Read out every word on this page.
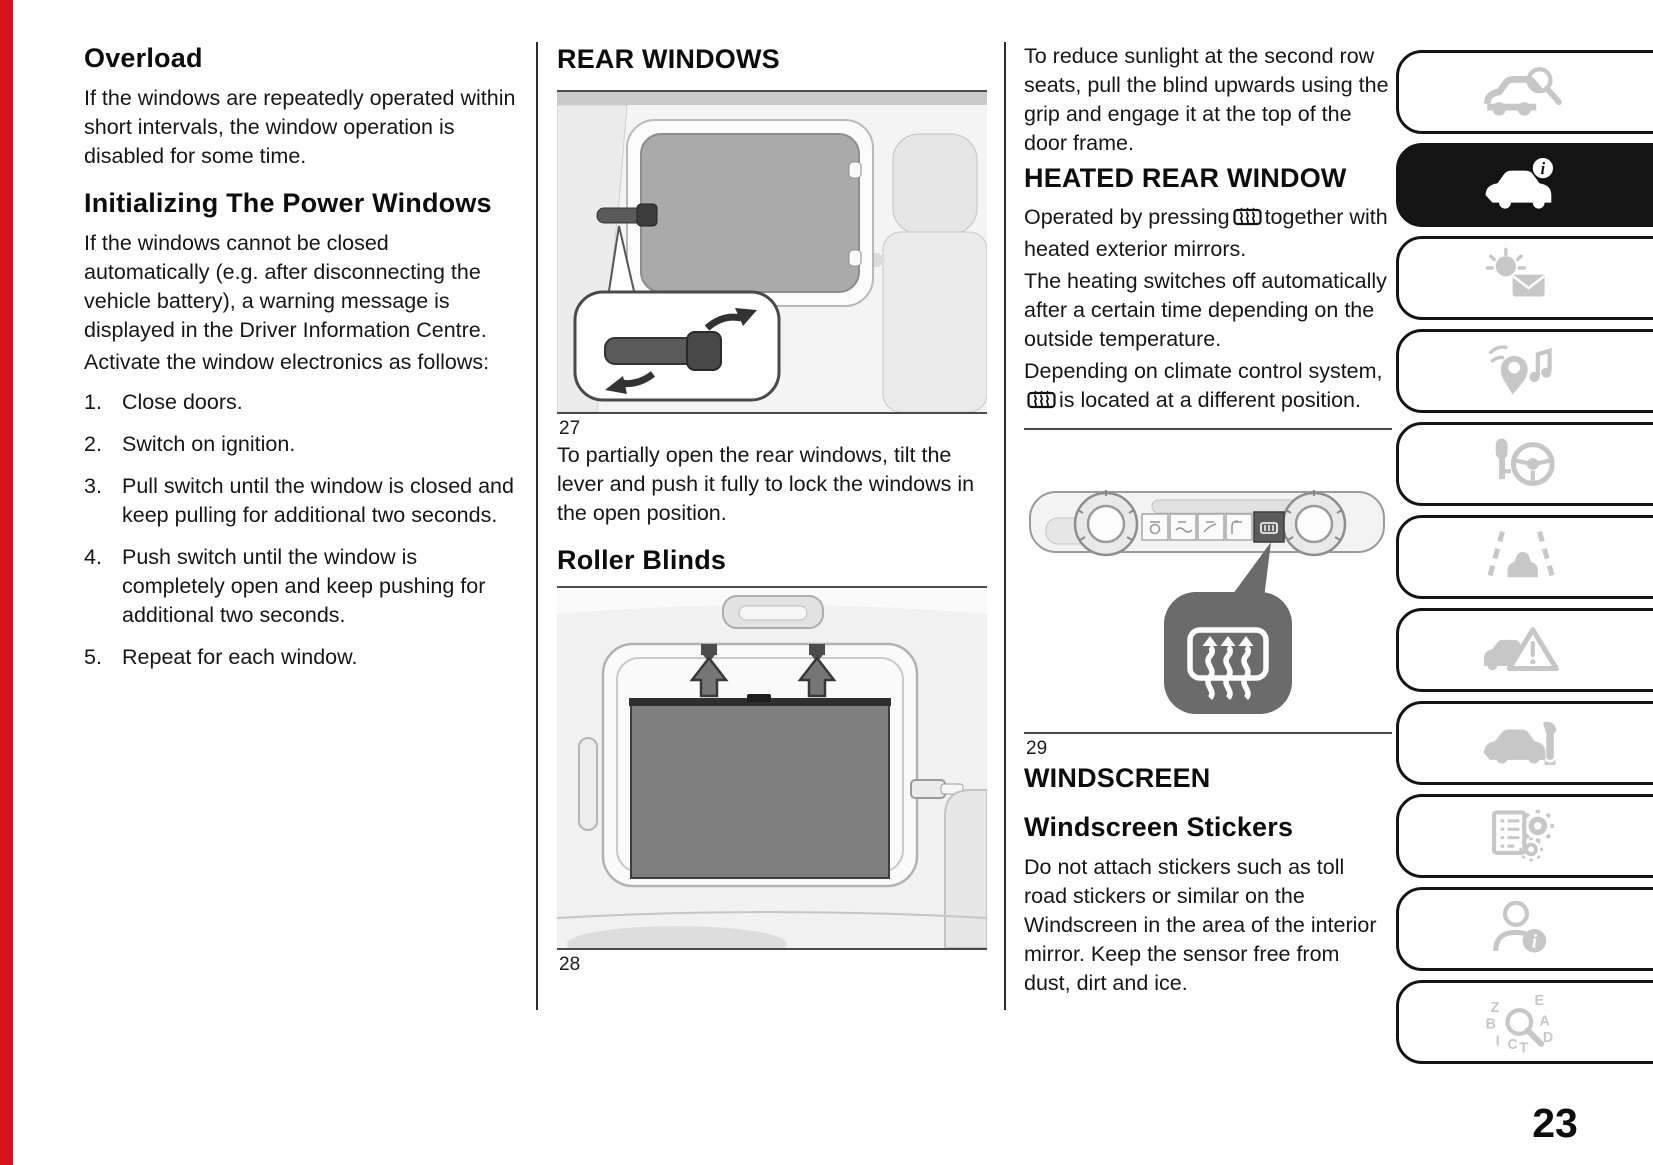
Overload

If the windows are repeatedly operated within short intervals, the window operation is disabled for some time.

Initializing The Power Windows

If the windows cannot be closed automatically (e.g. after disconnecting the vehicle battery), a warning message is displayed in the Driver Information Centre.

Activate the window electronics as follows:

1. Close doors.
2. Switch on ignition.
3. Pull switch until the window is closed and keep pulling for additional two seconds.
4. Push switch until the window is completely open and keep pushing for additional two seconds.
5. Repeat for each window.
REAR WINDOWS
27

To partially open the rear windows, tilt the lever and push it fully to lock the windows in the open position.

Roller Blinds
28

To reduce sunlight at the second row seats, pull the blind upwards using the grip and engage it at the top of the door frame.

HEATED REAR WINDOW

Operated by pressing together with heated exterior mirrors.

The heating switches off automatically after a certain time depending on the outside temperature.

Depending on climate control system,
is located at a different position.

29
WINDSCREEN
Windscreen Stickers

Do not attach stickers such as toll road stickers or similar on the Windscreen in the area of the interior mirror. Keep the sensor free from dust, dirt and ice.

i
i
Z E
B	A
I C T
D
23
